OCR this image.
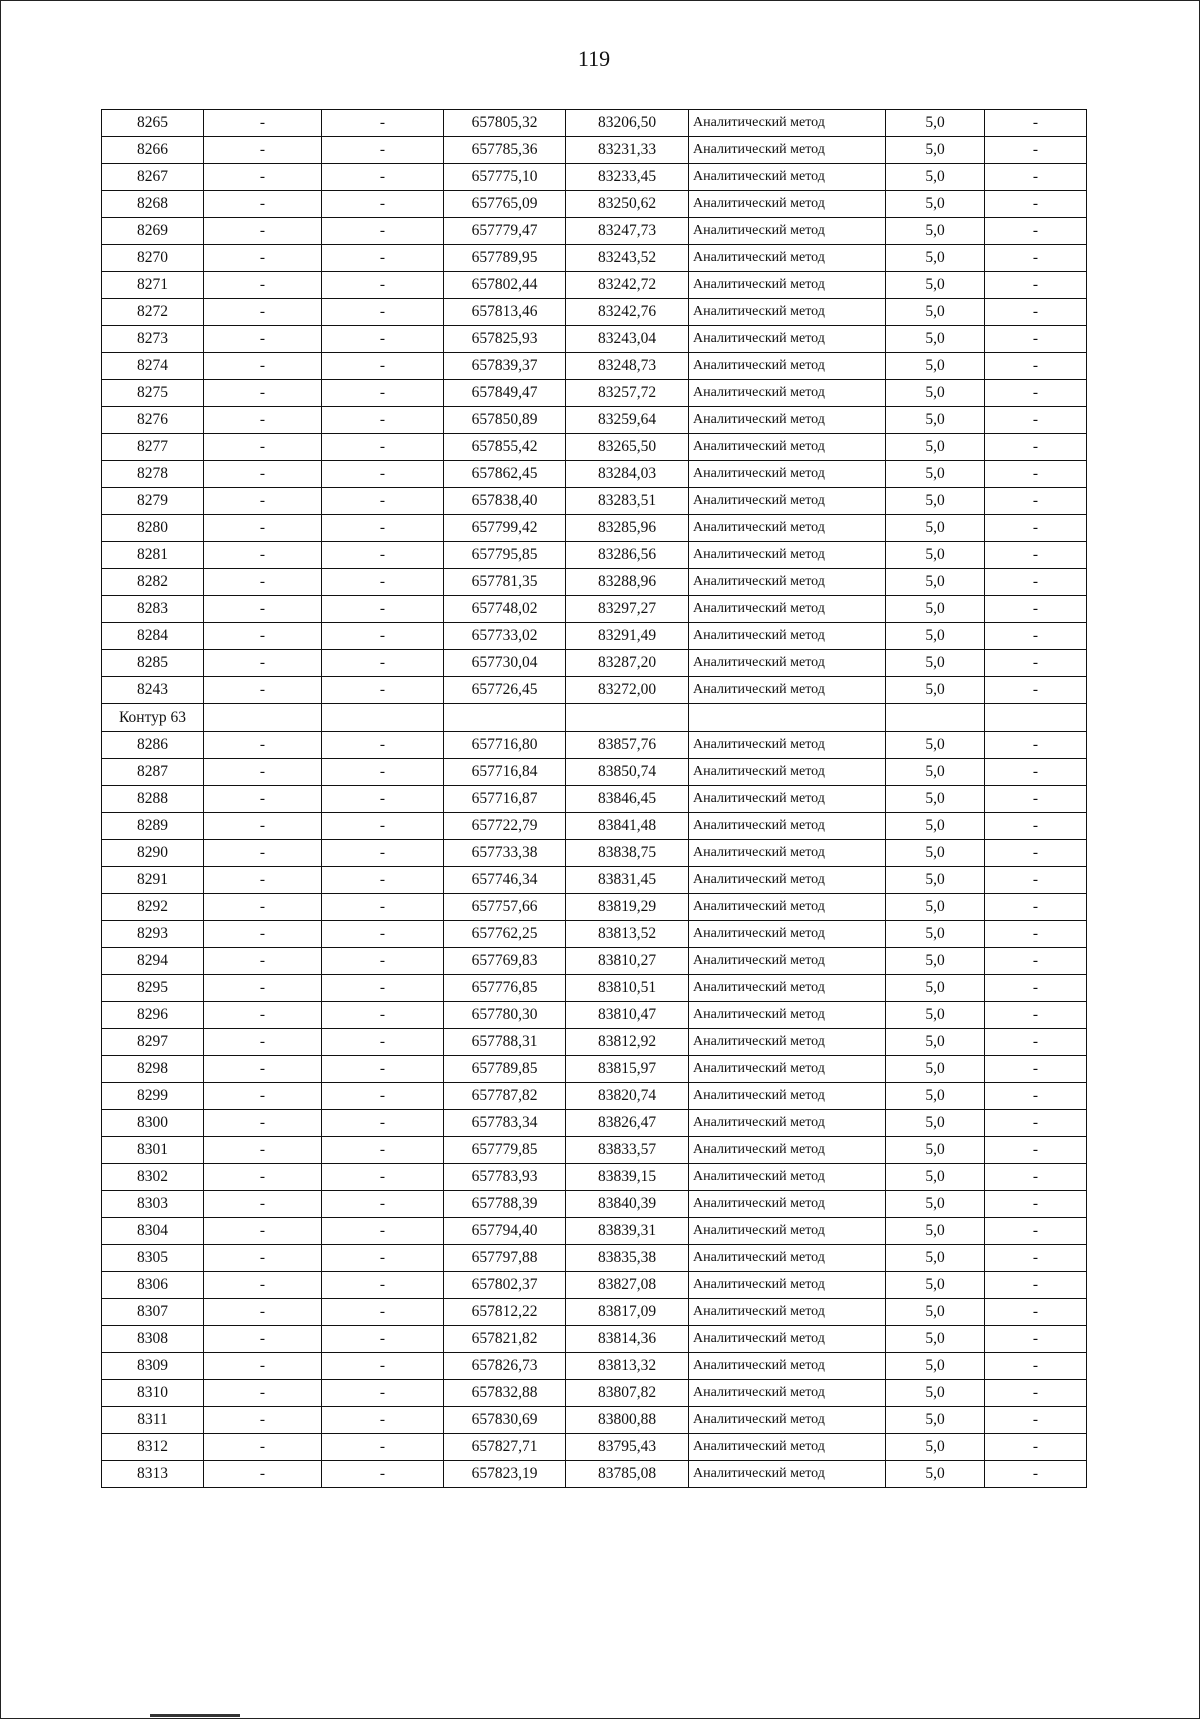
119
8265	-	-	657805,32	83206,50	Аналитический метод	5,0	-
8266	-	-	657785,36	83231,33	Аналитический метод	5,0	-
8267	-	-	657775,10	83233,45	Аналитический метод	5,0	-
8268	-	-	657765,09	83250,62	Аналитический метод	5,0	-
8269	-	-	657779,47	83247,73	Аналитический метод	5,0	-
8270	-	-	657789,95	83243,52	Аналитический метод	5,0	-
8271	-	-	657802,44	83242,72	Аналитический метод	5,0	-
8272	-	-	657813,46	83242,76	Аналитический метод	5,0	-
8273	-	-	657825,93	83243,04	Аналитический метод	5,0	-
8274	-	-	657839,37	83248,73	Аналитический метод	5,0	-
8275	-	-	657849,47	83257,72	Аналитический метод	5,0	-
8276	-	-	657850,89	83259,64	Аналитический метод	5,0	-
8277	-	-	657855,42	83265,50	Аналитический метод	5,0	-
8278	-	-	657862,45	83284,03	Аналитический метод	5,0	-
8279	-	-	657838,40	83283,51	Аналитический метод	5,0	-
8280	-	-	657799,42	83285,96	Аналитический метод	5,0	-
8281	-	-	657795,85	83286,56	Аналитический метод	5,0	-
8282	-	-	657781,35	83288,96	Аналитический метод	5,0	-
8283	-	-	657748,02	83297,27	Аналитический метод	5,0	-
8284	-	-	657733,02	83291,49	Аналитический метод	5,0	-
8285	-	-	657730,04	83287,20	Аналитический метод	5,0	-
8243	-	-	657726,45	83272,00	Аналитический метод	5,0	-
Контур 63							
8286	-	-	657716,80	83857,76	Аналитический метод	5,0	-
8287	-	-	657716,84	83850,74	Аналитический метод	5,0	-
8288	-	-	657716,87	83846,45	Аналитический метод	5,0	-
8289	-	-	657722,79	83841,48	Аналитический метод	5,0	-
8290	-	-	657733,38	83838,75	Аналитический метод	5,0	-
8291	-	-	657746,34	83831,45	Аналитический метод	5,0	-
8292	-	-	657757,66	83819,29	Аналитический метод	5,0	-
8293	-	-	657762,25	83813,52	Аналитический метод	5,0	-
8294	-	-	657769,83	83810,27	Аналитический метод	5,0	-
8295	-	-	657776,85	83810,51	Аналитический метод	5,0	-
8296	-	-	657780,30	83810,47	Аналитический метод	5,0	-
8297	-	-	657788,31	83812,92	Аналитический метод	5,0	-
8298	-	-	657789,85	83815,97	Аналитический метод	5,0	-
8299	-	-	657787,82	83820,74	Аналитический метод	5,0	-
8300	-	-	657783,34	83826,47	Аналитический метод	5,0	-
8301	-	-	657779,85	83833,57	Аналитический метод	5,0	-
8302	-	-	657783,93	83839,15	Аналитический метод	5,0	-
8303	-	-	657788,39	83840,39	Аналитический метод	5,0	-
8304	-	-	657794,40	83839,31	Аналитический метод	5,0	-
8305	-	-	657797,88	83835,38	Аналитический метод	5,0	-
8306	-	-	657802,37	83827,08	Аналитический метод	5,0	-
8307	-	-	657812,22	83817,09	Аналитический метод	5,0	-
8308	-	-	657821,82	83814,36	Аналитический метод	5,0	-
8309	-	-	657826,73	83813,32	Аналитический метод	5,0	-
8310	-	-	657832,88	83807,82	Аналитический метод	5,0	-
8311	-	-	657830,69	83800,88	Аналитический метод	5,0	-
8312	-	-	657827,71	83795,43	Аналитический метод	5,0	-
8313	-	-	657823,19	83785,08	Аналитический метод	5,0	-
